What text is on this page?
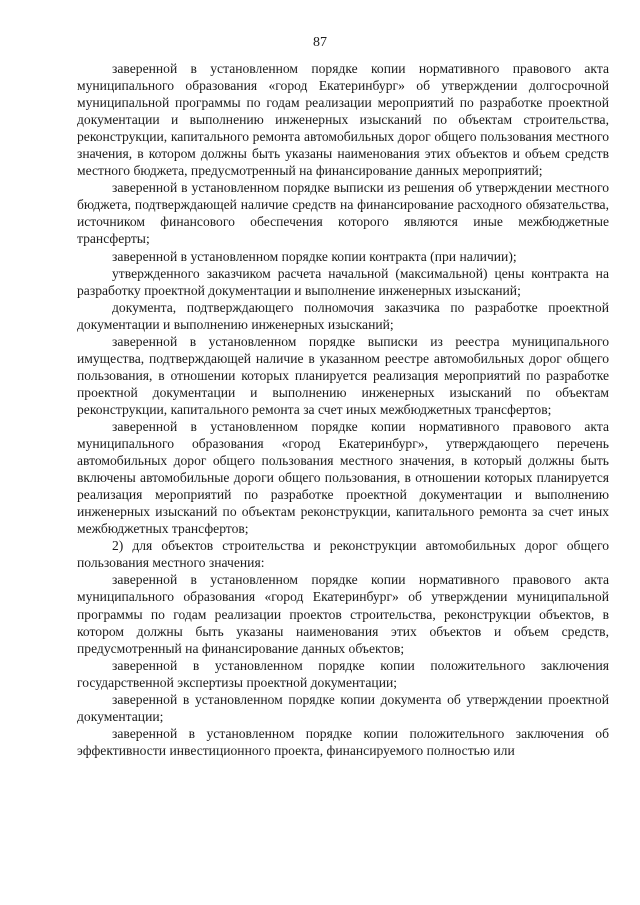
87

заверенной в установленном порядке копии нормативного правового акта муниципального образования «город Екатеринбург» об утверждении долгосрочной муниципальной программы по годам реализации мероприятий по разработке проектной документации и выполнению инженерных изысканий по объектам строительства, реконструкции, капитального ремонта автомобильных дорог общего пользования местного значения, в котором должны быть указаны наименования этих объектов и объем средств местного бюджета, предусмотренный на финансирование данных мероприятий;

заверенной в установленном порядке выписки из решения об утверждении местного бюджета, подтверждающей наличие средств на финансирование расходного обязательства, источником финансового обеспечения которого являются иные межбюджетные трансферты;

заверенной в установленном порядке копии контракта (при наличии);

утвержденного заказчиком расчета начальной (максимальной) цены контракта на разработку проектной документации и выполнение инженерных изысканий;

документа, подтверждающего полномочия заказчика по разработке проектной документации и выполнению инженерных изысканий;

заверенной в установленном порядке выписки из реестра муниципального имущества, подтверждающей наличие в указанном реестре автомобильных дорог общего пользования, в отношении которых планируется реализация мероприятий по разработке проектной документации и выполнению инженерных изысканий по объектам реконструкции, капитального ремонта за счет иных межбюджетных трансфертов;

заверенной в установленном порядке копии нормативного правового акта муниципального образования «город Екатеринбург», утверждающего перечень автомобильных дорог общего пользования местного значения, в который должны быть включены автомобильные дороги общего пользования, в отношении которых планируется реализация мероприятий по разработке проектной документации и выполнению инженерных изысканий по объектам реконструкции, капитального ремонта за счет иных межбюджетных трансфертов;

2) для объектов строительства и реконструкции автомобильных дорог общего пользования местного значения:

заверенной в установленном порядке копии нормативного правового акта муниципального образования «город Екатеринбург» об утверждении муниципальной программы по годам реализации проектов строительства, реконструкции объектов, в котором должны быть указаны наименования этих объектов и объем средств, предусмотренный на финансирование данных объектов;

заверенной в установленном порядке копии положительного заключения государственной экспертизы проектной документации;

заверенной в установленном порядке копии документа об утверждении проектной документации;

заверенной в установленном порядке копии положительного заключения об эффективности инвестиционного проекта, финансируемого полностью или
